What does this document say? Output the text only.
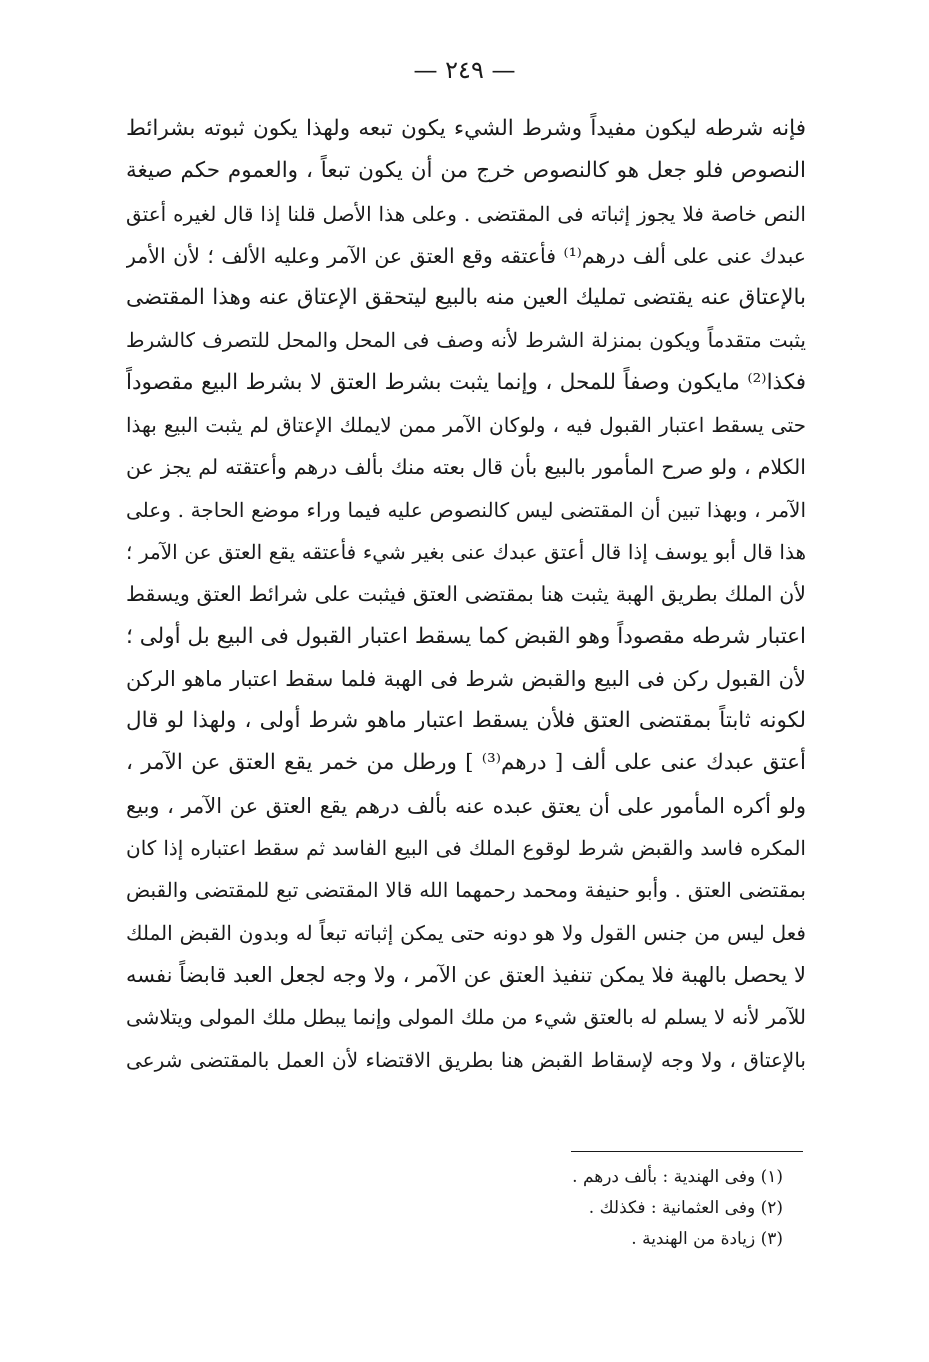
— ٢٤٩ —
فإنه شرطه ليكون مفيداً وشرط الشيء يكون تبعه ولهذا يكون ثبوته بشرائط
النصوص فلو جعل هو كالنصوص خرج من أن يكون تبعاً ، والعموم حكم صيغة
النص خاصة فلا يجوز إثباته فى المقتضى . وعلى هذا الأصل قلنا إذا قال لغيره أعتق
عبدك عنى على ألف درهم⁽¹⁾ فأعتقه وقع العتق عن الآمر وعليه الألف ؛ لأن الأمر
بالإعتاق عنه يقتضى تمليك العين منه بالبيع ليتحقق الإعتاق عنه وهذا المقتضى
يثبت متقدماً ويكون بمنزلة الشرط لأنه وصف فى المحل والمحل للتصرف كالشرط
فكذا⁽²⁾ مايكون وصفاً للمحل ، وإنما يثبت بشرط العتق لا بشرط البيع مقصوداً
حتى يسقط اعتبار القبول فيه ، ولوكان الآمر ممن لايملك الإعتاق لم يثبت البيع بهذا
الكلام ، ولو صرح المأمور بالبيع بأن قال بعته منك بألف درهم وأعتقته لم يجز عن
الآمر ، وبهذا تبين أن المقتضى ليس كالنصوص عليه فيما وراء موضع الحاجة . وعلى
هذا قال أبو يوسف إذا قال أعتق عبدك عنى بغير شيء فأعتقه يقع العتق عن الآمر ؛
لأن الملك بطريق الهبة يثبت هنا بمقتضى العتق فيثبت على شرائط العتق ويسقط
اعتبار شرطه مقصوداً وهو القبض كما يسقط اعتبار القبول فى البيع بل أولى ؛
لأن القبول ركن فى البيع والقبض شرط فى الهبة فلما سقط اعتبار ماهو الركن
لكونه ثابتاً بمقتضى العتق فلأن يسقط اعتبار ماهو شرط أولى ، ولهذا لو قال
أعتق عبدك عنى على ألف [ درهم⁽³⁾ ] ورطل من خمر يقع العتق عن الآمر ،
ولو أكره المأمور على أن يعتق عبده عنه بألف درهم يقع العتق عن الآمر ، وبيع
المكره فاسد والقبض شرط لوقوع الملك فى البيع الفاسد ثم سقط اعتباره إذا كان
بمقتضى العتق . وأبو حنيفة ومحمد رحمهما الله قالا المقتضى تبع للمقتضى والقبض
فعل ليس من جنس القول ولا هو دونه حتى يمكن إثباته تبعاً له وبدون القبض الملك
لا يحصل بالهبة فلا يمكن تنفيذ العتق عن الآمر ، ولا وجه لجعل العبد قابضاً نفسه
للآمر لأنه لا يسلم له بالعتق شيء من ملك المولى وإنما يبطل ملك المولى ويتلاشى
بالإعتاق ، ولا وجه لإسقاط القبض هنا بطريق الاقتضاء لأن العمل بالمقتضى شرعى
(١) وفى الهندية : بألف درهم .
(٢) وفى العثمانية : فكذلك .
(٣) زيادة من الهندية .
